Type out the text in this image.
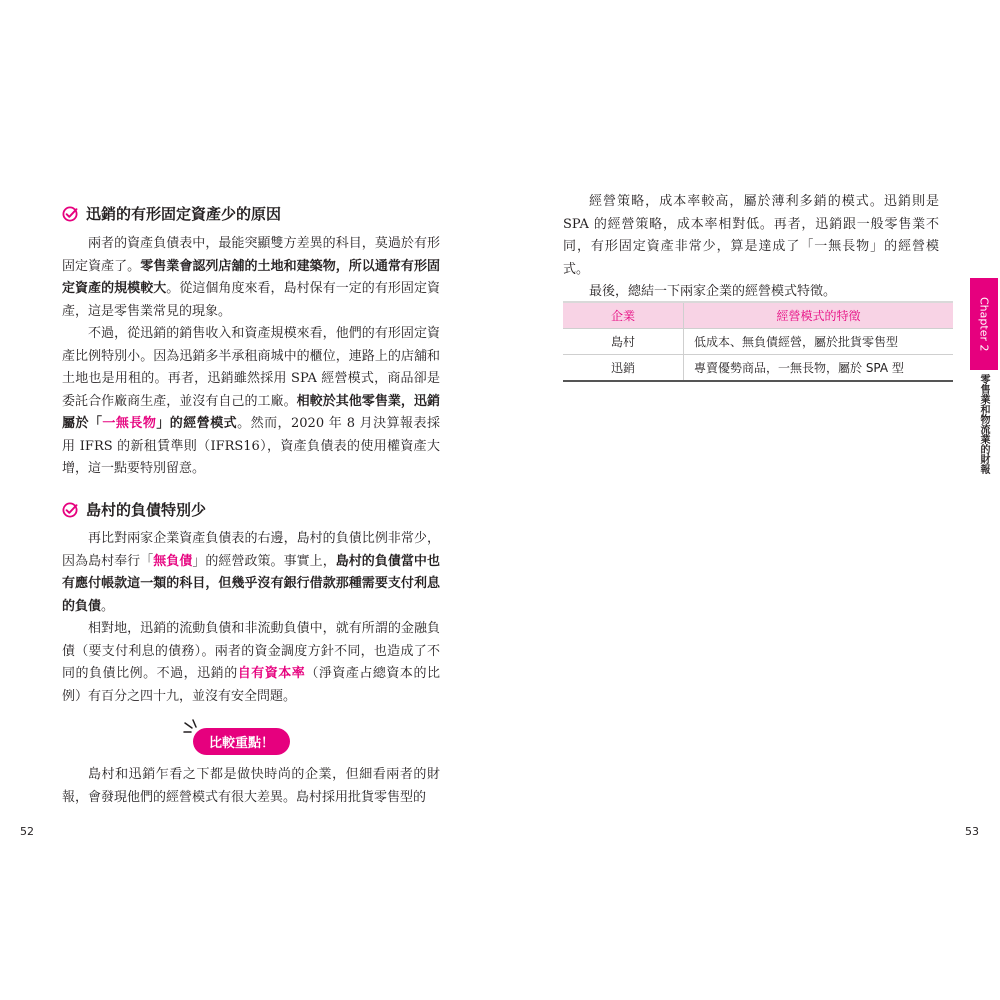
迅銷的有形固定資產少的原因

兩者的資產負債表中，最能突顯雙方差異的科目，莫過於有形固定資產了。零售業會認列店舖的土地和建築物，所以通常有形固定資產的規模較大。從這個角度來看，島村保有一定的有形固定資產，這是零售業常見的現象。

不過，從迅銷的銷售收入和資產規模來看，他們的有形固定資產比例特別小。因為迅銷多半承租商城中的櫃位，連路上的店舖和土地也是用租的。再者，迅銷雖然採用 SPA 經營模式，商品卻是委託合作廠商生產，並沒有自己的工廠。相較於其他零售業，迅銷屬於「一無長物」的經營模式。然而，2020 年 8 月決算報表採用 IFRS 的新租賃準則（IFRS16），資產負債表的使用權資產大增，這一點要特別留意。

島村的負債特別少

再比對兩家企業資產負債表的右邊，島村的負債比例非常少，因為島村奉行「無負債」的經營政策。事實上，島村的負債當中也有應付帳款這一類的科目，但幾乎沒有銀行借款那種需要支付利息的負債。

相對地，迅銷的流動負債和非流動負債中，就有所謂的金融負債（要支付利息的債務）。兩者的資金調度方針不同，也造成了不同的負債比例。不過，迅銷的自有資本率（淨資產占總資本的比例）有百分之四十九，並沒有安全問題。

比較重點！

島村和迅銷乍看之下都是做快時尚的企業，但細看兩者的財報，會發現他們的經營模式有很大差異。島村採用批貨零售型的

52

經營策略，成本率較高，屬於薄利多銷的模式。迅銷則是 SPA 的經營策略，成本率相對低。再者，迅銷跟一般零售業不同，有形固定資產非常少，算是達成了「一無長物」的經營模式。

最後，總結一下兩家企業的經營模式特徵。

企業	經營模式的特徵
島村	低成本、無負債經營，屬於批貨零售型
迅銷	專賣優勢商品，一無長物，屬於 SPA 型
Chapter 2
零售業和物流業的財報
53
